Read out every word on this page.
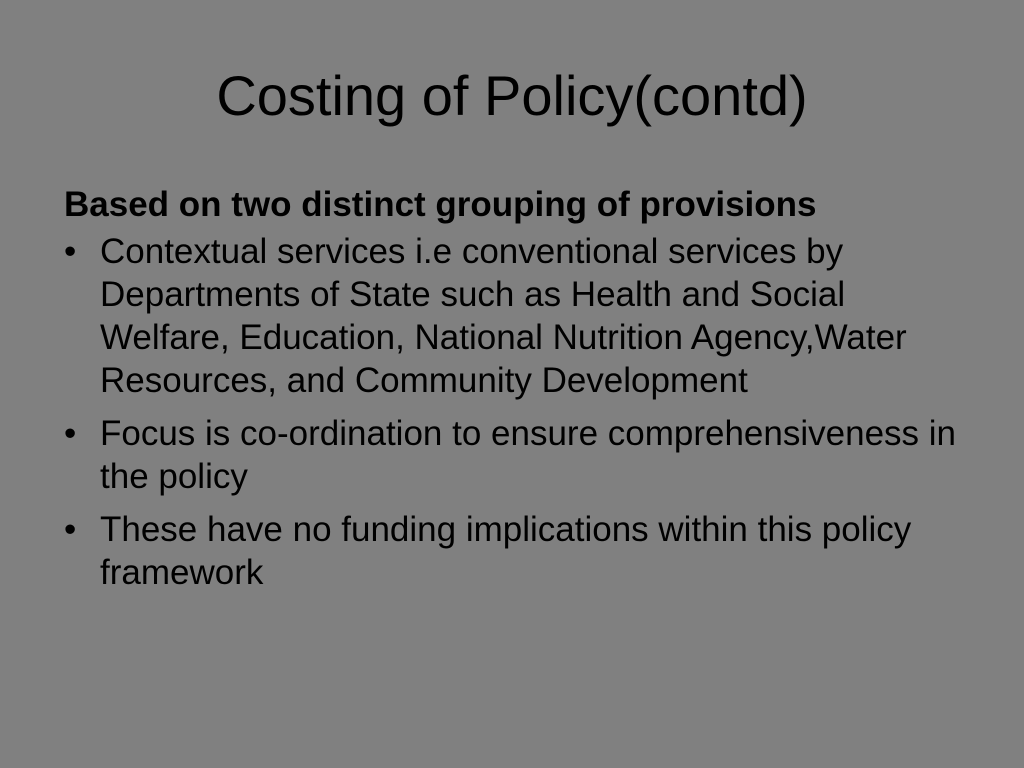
Costing of Policy(contd)

Based on two distinct grouping of provisions

• Contextual services i.e conventional services by Departments of State such as Health and Social Welfare, Education, National Nutrition Agency,Water Resources, and Community Development
• Focus is co-ordination to ensure comprehensiveness in the policy
• These have no funding implications within this policy framework
